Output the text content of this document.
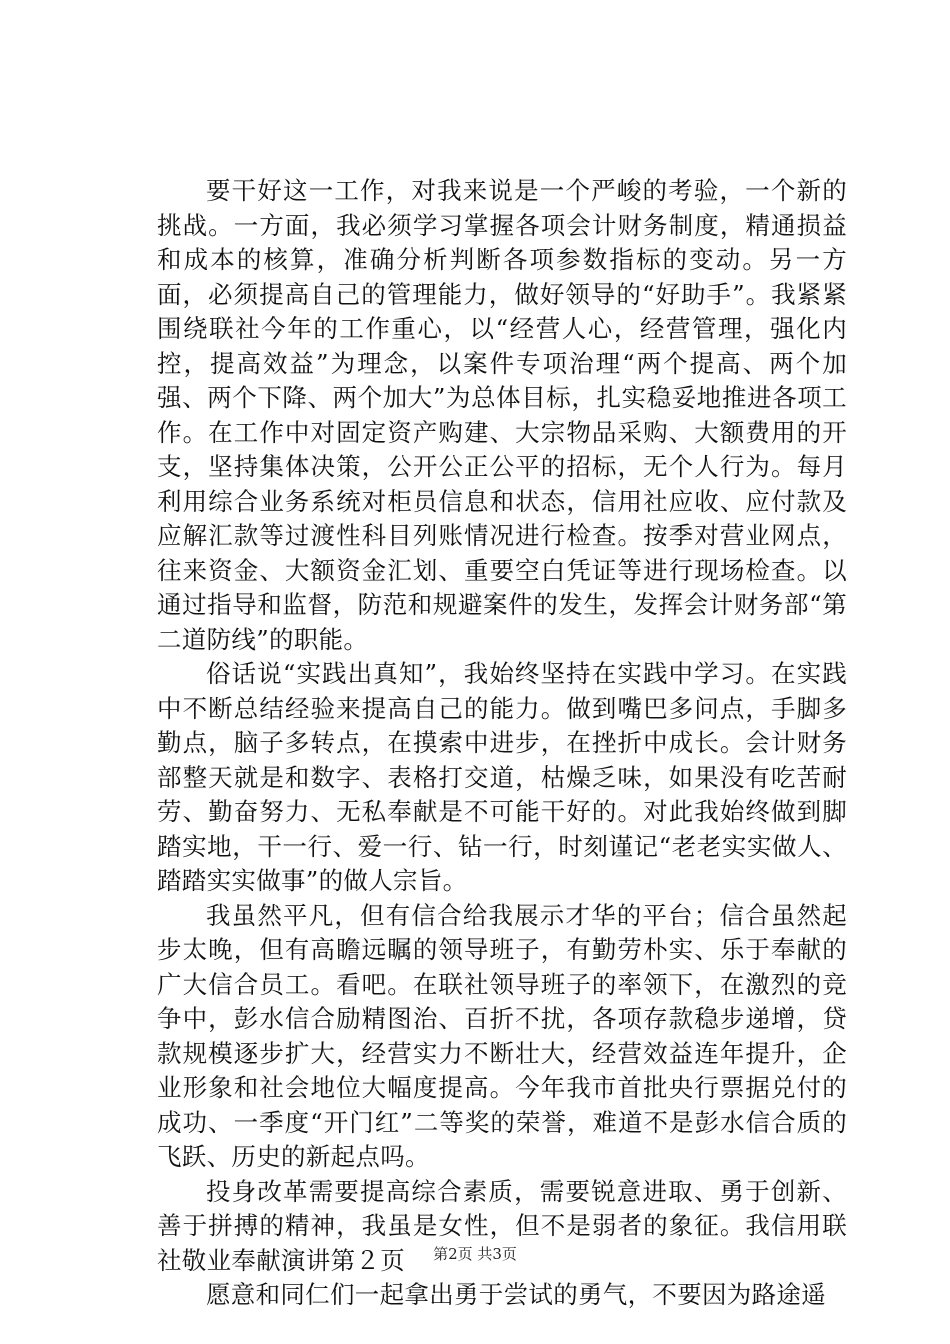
要干好这一工作，对我来说是一个严峻的考验，一个新的挑战。一方面，我必须学习掌握各项会计财务制度，精通损益和成本的核算，准确分析判断各项参数指标的变动。另一方面，必须提高自己的管理能力，做好领导的“好助手”。我紧紧围绕联社今年的工作重心，以“经营人心，经营管理，强化内控，提高效益”为理念，以案件专项治理“两个提高、两个加强、两个下降、两个加大”为总体目标，扎实稳妥地推进各项工作。在工作中对固定资产购建、大宗物品采购、大额费用的开支，坚持集体决策，公开公正公平的招标，无个人行为。每月利用综合业务系统对柜员信息和状态，信用社应收、应付款及应解汇款等过渡性科目列账情况进行检查。按季对营业网点，往来资金、大额资金汇划、重要空白凭证等进行现场检查。以通过指导和监督，防范和规避案件的发生，发挥会计财务部“第二道防线”的职能。

俗话说“实践出真知”，我始终坚持在实践中学习。在实践中不断总结经验来提高自己的能力。做到嘴巴多问点，手脚多勤点，脑子多转点，在摸索中进步，在挫折中成长。会计财务部整天就是和数字、表格打交道，枯燥乏味，如果没有吃苦耐劳、勤奋努力、无私奉献是不可能干好的。对此我始终做到脚踏实地，干一行、爱一行、钻一行，时刻谨记“老老实实做人、踏踏实实做事”的做人宗旨。

我虽然平凡，但有信合给我展示才华的平台；信合虽然起步太晚，但有高瞻远瞩的领导班子，有勤劳朴实、乐于奉献的广大信合员工。看吧。在联社领导班子的率领下，在激烈的竞争中，彭水信合励精图治、百折不扰，各项存款稳步递增，贷款规模逐步扩大，经营实力不断壮大，经营效益连年提升，企业形象和社会地位大幅度提高。今年我市首批央行票据兑付的成功、一季度“开门红”二等奖的荣誉，难道不是彭水信合质的飞跃、历史的新起点吗。

投身改革需要提高综合素质，需要锐意进取、勇于创新、善于拼搏的精神，我虽是女性，但不是弱者的象征。我信用联社敬业奉献演讲第２页

愿意和同仁们一起拿出勇于尝试的勇气，不要因为路途遥

第2页 共3页
